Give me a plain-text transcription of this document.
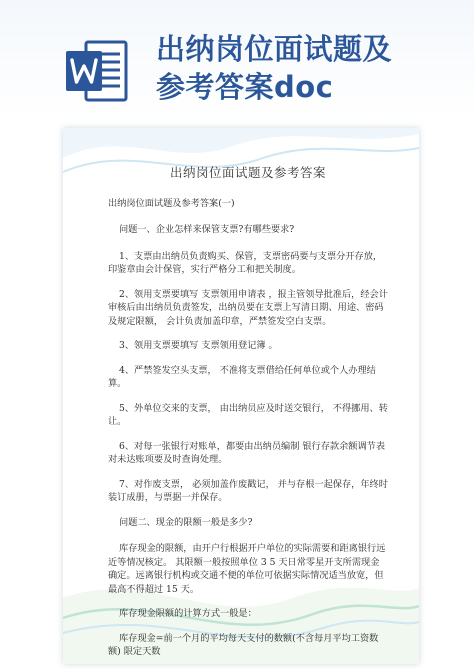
出纳岗位面试题及
参考答案doc
出纳岗位面试题及参考答案

出纳岗位面试题及参考答案(一)

问题一、企业怎样来保管支票?有哪些要求?

1、支票由出纳员负责购买、保管，支票密码要与支票分开存放，印鉴章由会计保管，实行严格分工和把关制度。

2、领用支票要填写 支票领用申请表 ，报主管领导批准后，经会计审核后由出纳员负责签发，出纳员要在支票上写清日期、用途、密码及规定限额， 会计负责加盖印章，严禁签发空白支票。

3、领用支票要填写 支票领用登记簿 。

4、严禁签发空头支票， 不准将支票借给任何单位或个人办理结算。

5、外单位交来的支票， 由出纳员应及时送交银行， 不得挪用、转让。

6、对每一张银行对账单，都要由出纳员编制 银行存款余额调节表 对未达账项要及时查询处理。

7、对作废支票， 必须加盖作废戳记， 并与存根一起保存，年终时装订成册，与票据一并保存。

问题二、现金的限额一般是多少?

库存现金的限额，由开户行根据开户单位的实际需要和距离银行远近等情况核定。 其限额一般按照单位 3 5 天日常零星开支所需现金确定。远离银行机构或交通不便的单位可依据实际情况适当放宽，但最高不得超过 15 天。

库存现金限额的计算方式一般是：

库存现金=前一个月的平均每天支付的数额(不含每月平均工资数额) 限定天数
